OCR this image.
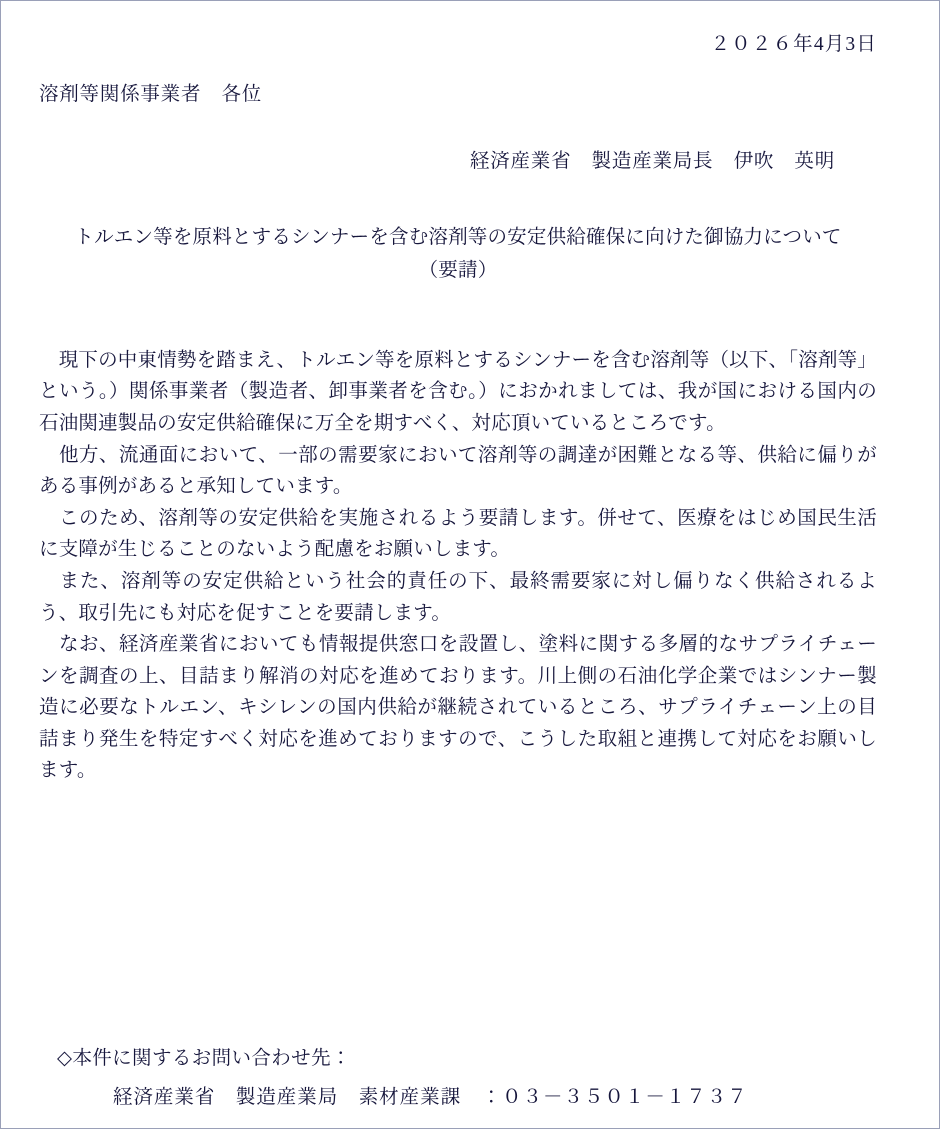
２０２６年4月3日
溶剤等関係事業者　各位
経済産業省　製造産業局長　伊吹　英明
トルエン等を原料とするシンナーを含む溶剤等の安定供給確保に向けた御協力について
（要請）

　現下の中東情勢を踏まえ、トルエン等を原料とするシンナーを含む溶剤等（以下、「溶剤等」という。）関係事業者（製造者、卸事業者を含む。）におかれましては、我が国における国内の石油関連製品の安定供給確保に万全を期すべく、対応頂いているところです。

　他方、流通面において、一部の需要家において溶剤等の調達が困難となる等、供給に偏りがある事例があると承知しています。

　このため、溶剤等の安定供給を実施されるよう要請します。併せて、医療をはじめ国民生活に支障が生じることのないよう配慮をお願いします。

　また、溶剤等の安定供給という社会的責任の下、最終需要家に対し偏りなく供給されるよう、取引先にも対応を促すことを要請します。

　なお、経済産業省においても情報提供窓口を設置し、塗料に関する多層的なサプライチェーンを調査の上、目詰まり解消の対応を進めております。川上側の石油化学企業ではシンナー製造に必要なトルエン、キシレンの国内供給が継続されているところ、サプライチェーン上の目詰まり発生を特定すべく対応を進めておりますので、こうした取組と連携して対応をお願いします。

◇本件に関するお問い合わせ先：

経済産業省　製造産業局　素材産業課　：０３－３５０１－１７３７
